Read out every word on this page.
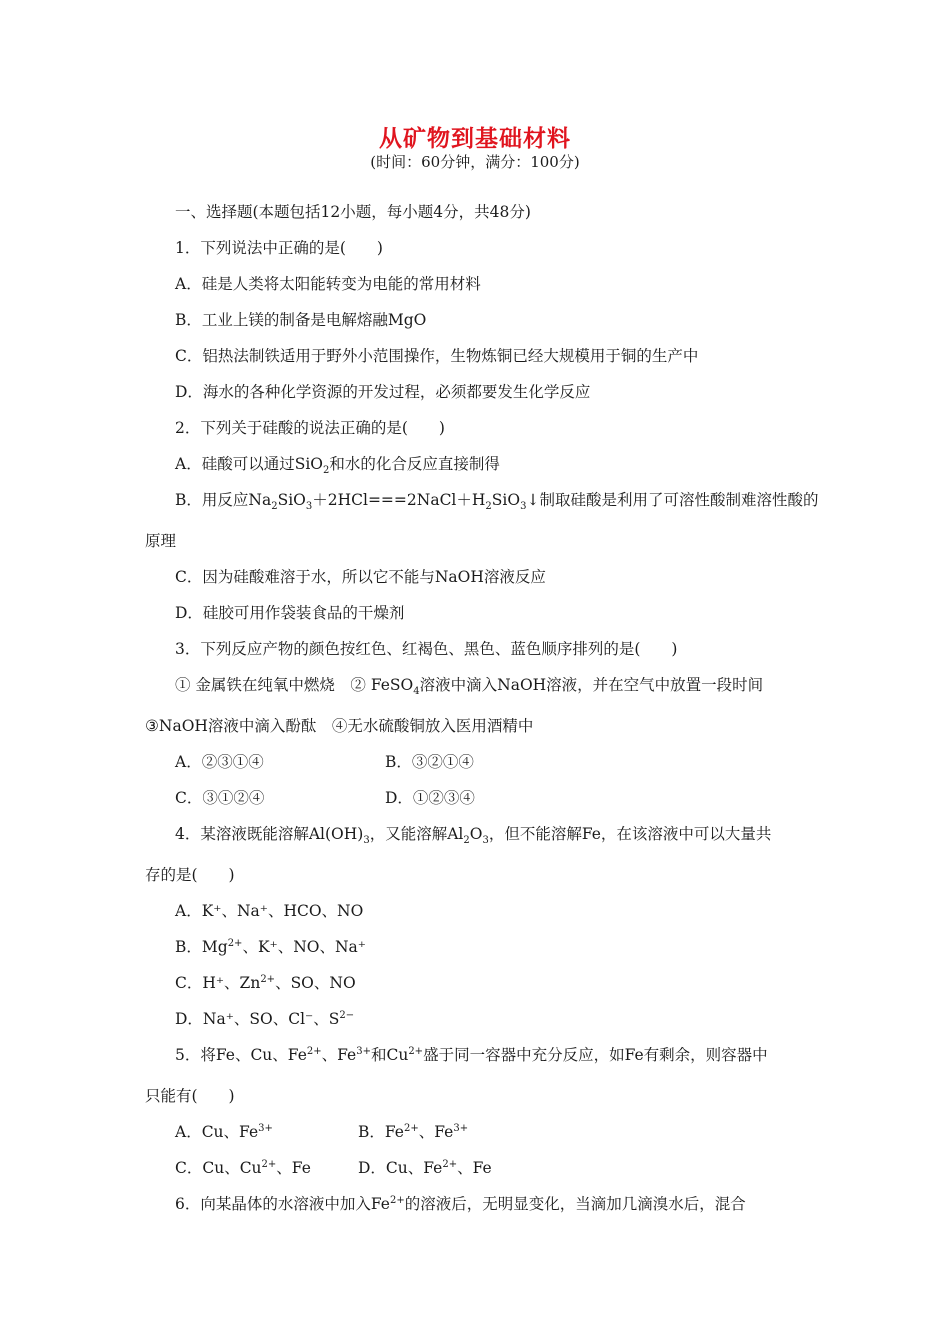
从矿物到基础材料
(时间：60分钟，满分：100分)
一、选择题(本题包括12小题，每小题4分，共48分)
1．下列说法中正确的是(　　)
A．硅是人类将太阳能转变为电能的常用材料
B．工业上镁的制备是电解熔融MgO
C．铝热法制铁适用于野外小范围操作，生物炼铜已经大规模用于铜的生产中
D．海水的各种化学资源的开发过程，必须都要发生化学反应
2．下列关于硅酸的说法正确的是(　　)
A．硅酸可以通过SiO$_2$和水的化合反应直接制得
B．用反应$Na_2SiO_3+2HCl===2NaCl+H_2SiO_3↓$制取硅酸是利用了可溶性酸制难溶性酸的
原理
C．因为硅酸难溶于水，所以它不能与NaOH溶液反应
D．硅胶可用作袋装食品的干燥剂
3．下列反应产物的颜色按红色、红褐色、黑色、蓝色顺序排列的是(　　)
① 金属铁在纯氧中燃烧　② FeSO$_4$溶液中滴入NaOH溶液，并在空气中放置一段时间
③NaOH溶液中滴入酚酞　④无水硫酸铜放入医用酒精中
A．②③①④	B．③②①④
C．③①②④	D．①②③④
4．某溶液既能溶解$Al(OH)_3$，又能溶解$Al_2O_3$，但不能溶解Fe，在该溶液中可以大量共
存的是(　　)
A．K⁺、Na⁺、HCO、NO
B．$Mg^{2+}$、K⁺、NO、Na⁺
C．H⁺、$Zn^{2+}$、SO、NO
D．Na⁺、SO、Cl⁻、$S^{2-}$
5．将Fe、Cu、$Fe^{2+}$、$Fe^{3+}$和$Cu^{2+}$盛于同一容器中充分反应，如Fe有剩余，则容器中
只能有(　　)
A．Cu、$Fe^{3+}$	B．$Fe^{2+}$、$Fe^{3+}$
C．Cu、$Cu^{2+}$、Fe	D．Cu、$Fe^{2+}$、Fe
6．向某晶体的水溶液中加入$Fe^{2+}$的溶液后，无明显变化，当滴加几滴溴水后，混合
